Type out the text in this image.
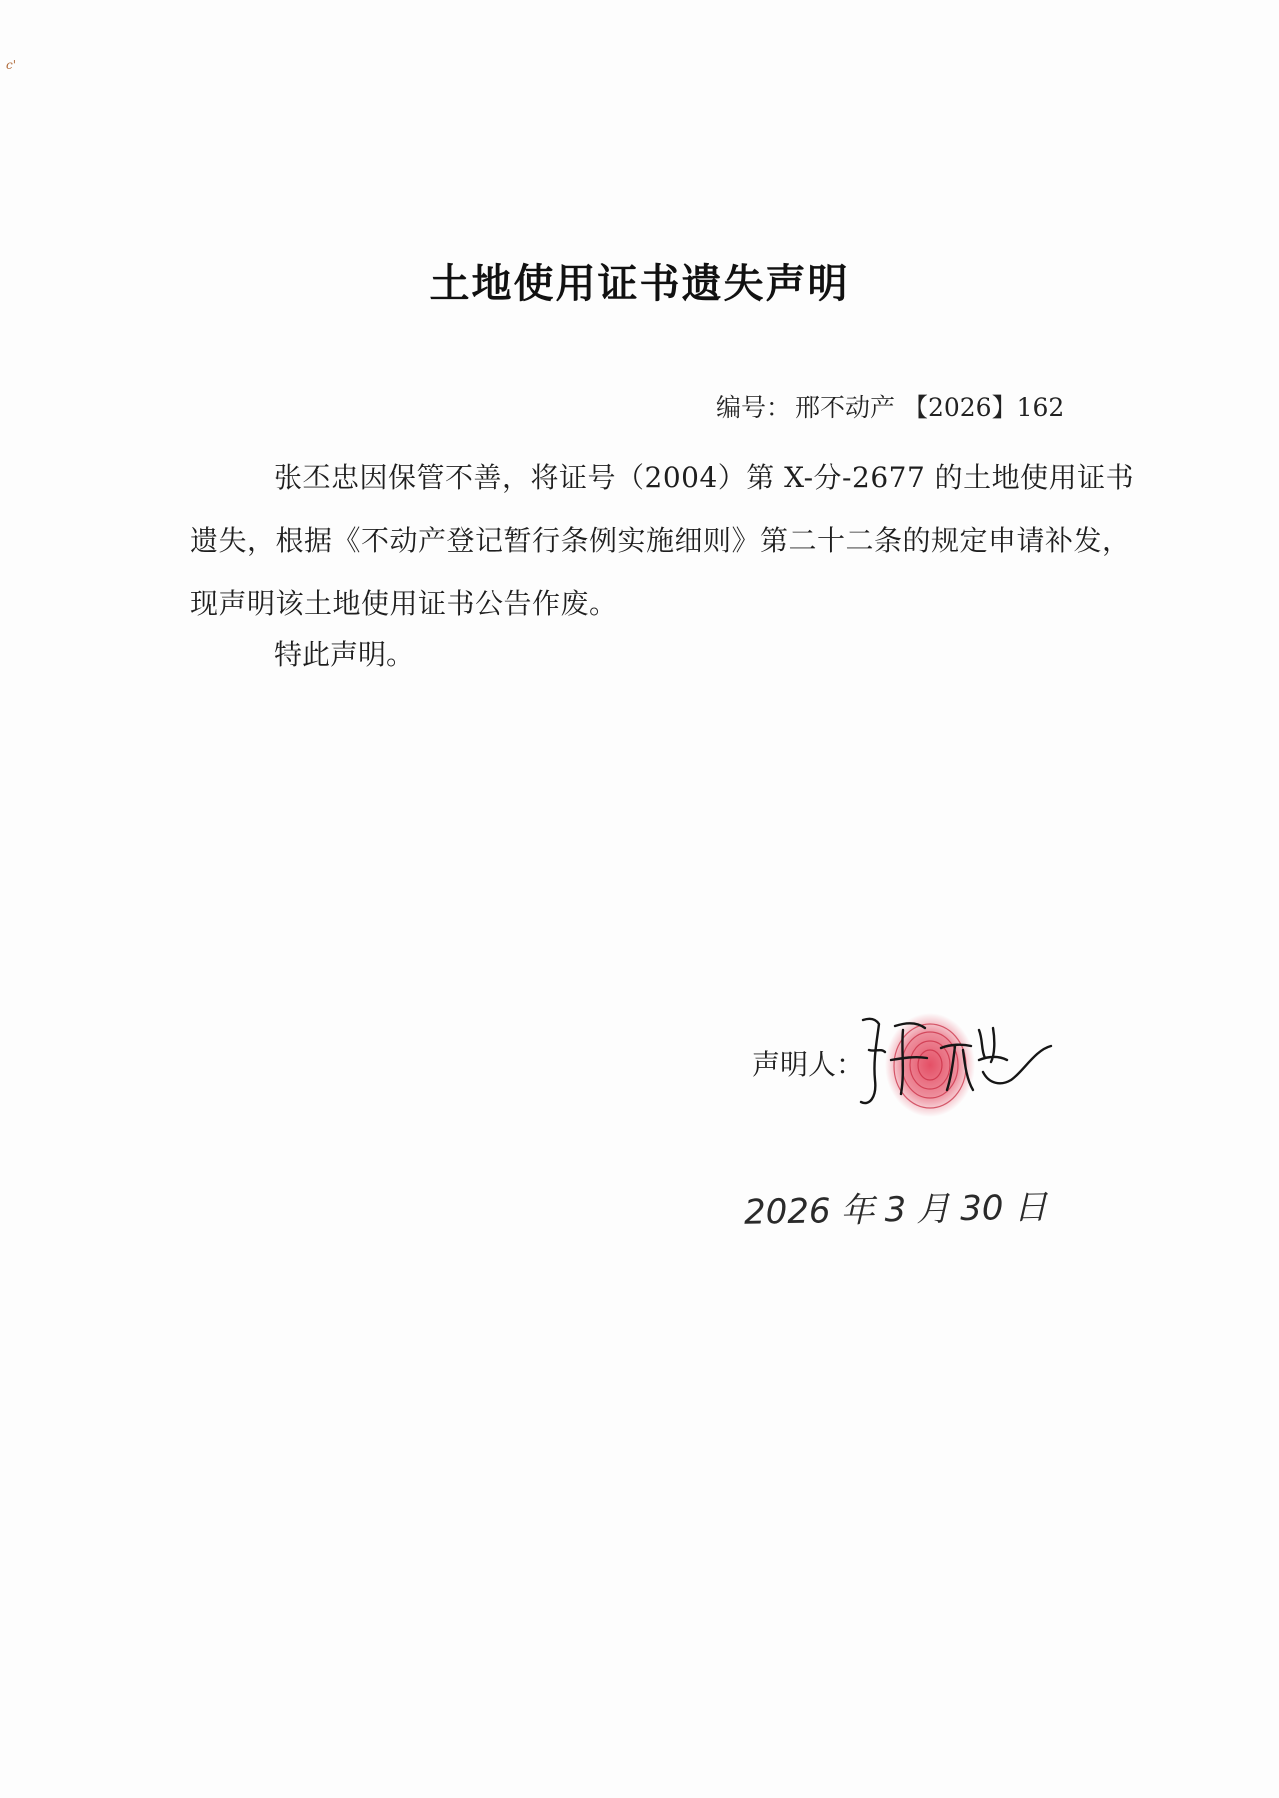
c'
土地使用证书遗失声明
编号： 邢不动产 【2026】162

张丕忠因保管不善，将证号（2004）第 X-分-2677 的土地使用证书遗失，根据《不动产登记暂行条例实施细则》第二十二条的规定申请补发，现声明该土地使用证书公告作废。

特此声明。
声明人：
2026 年 3 月 30 日
